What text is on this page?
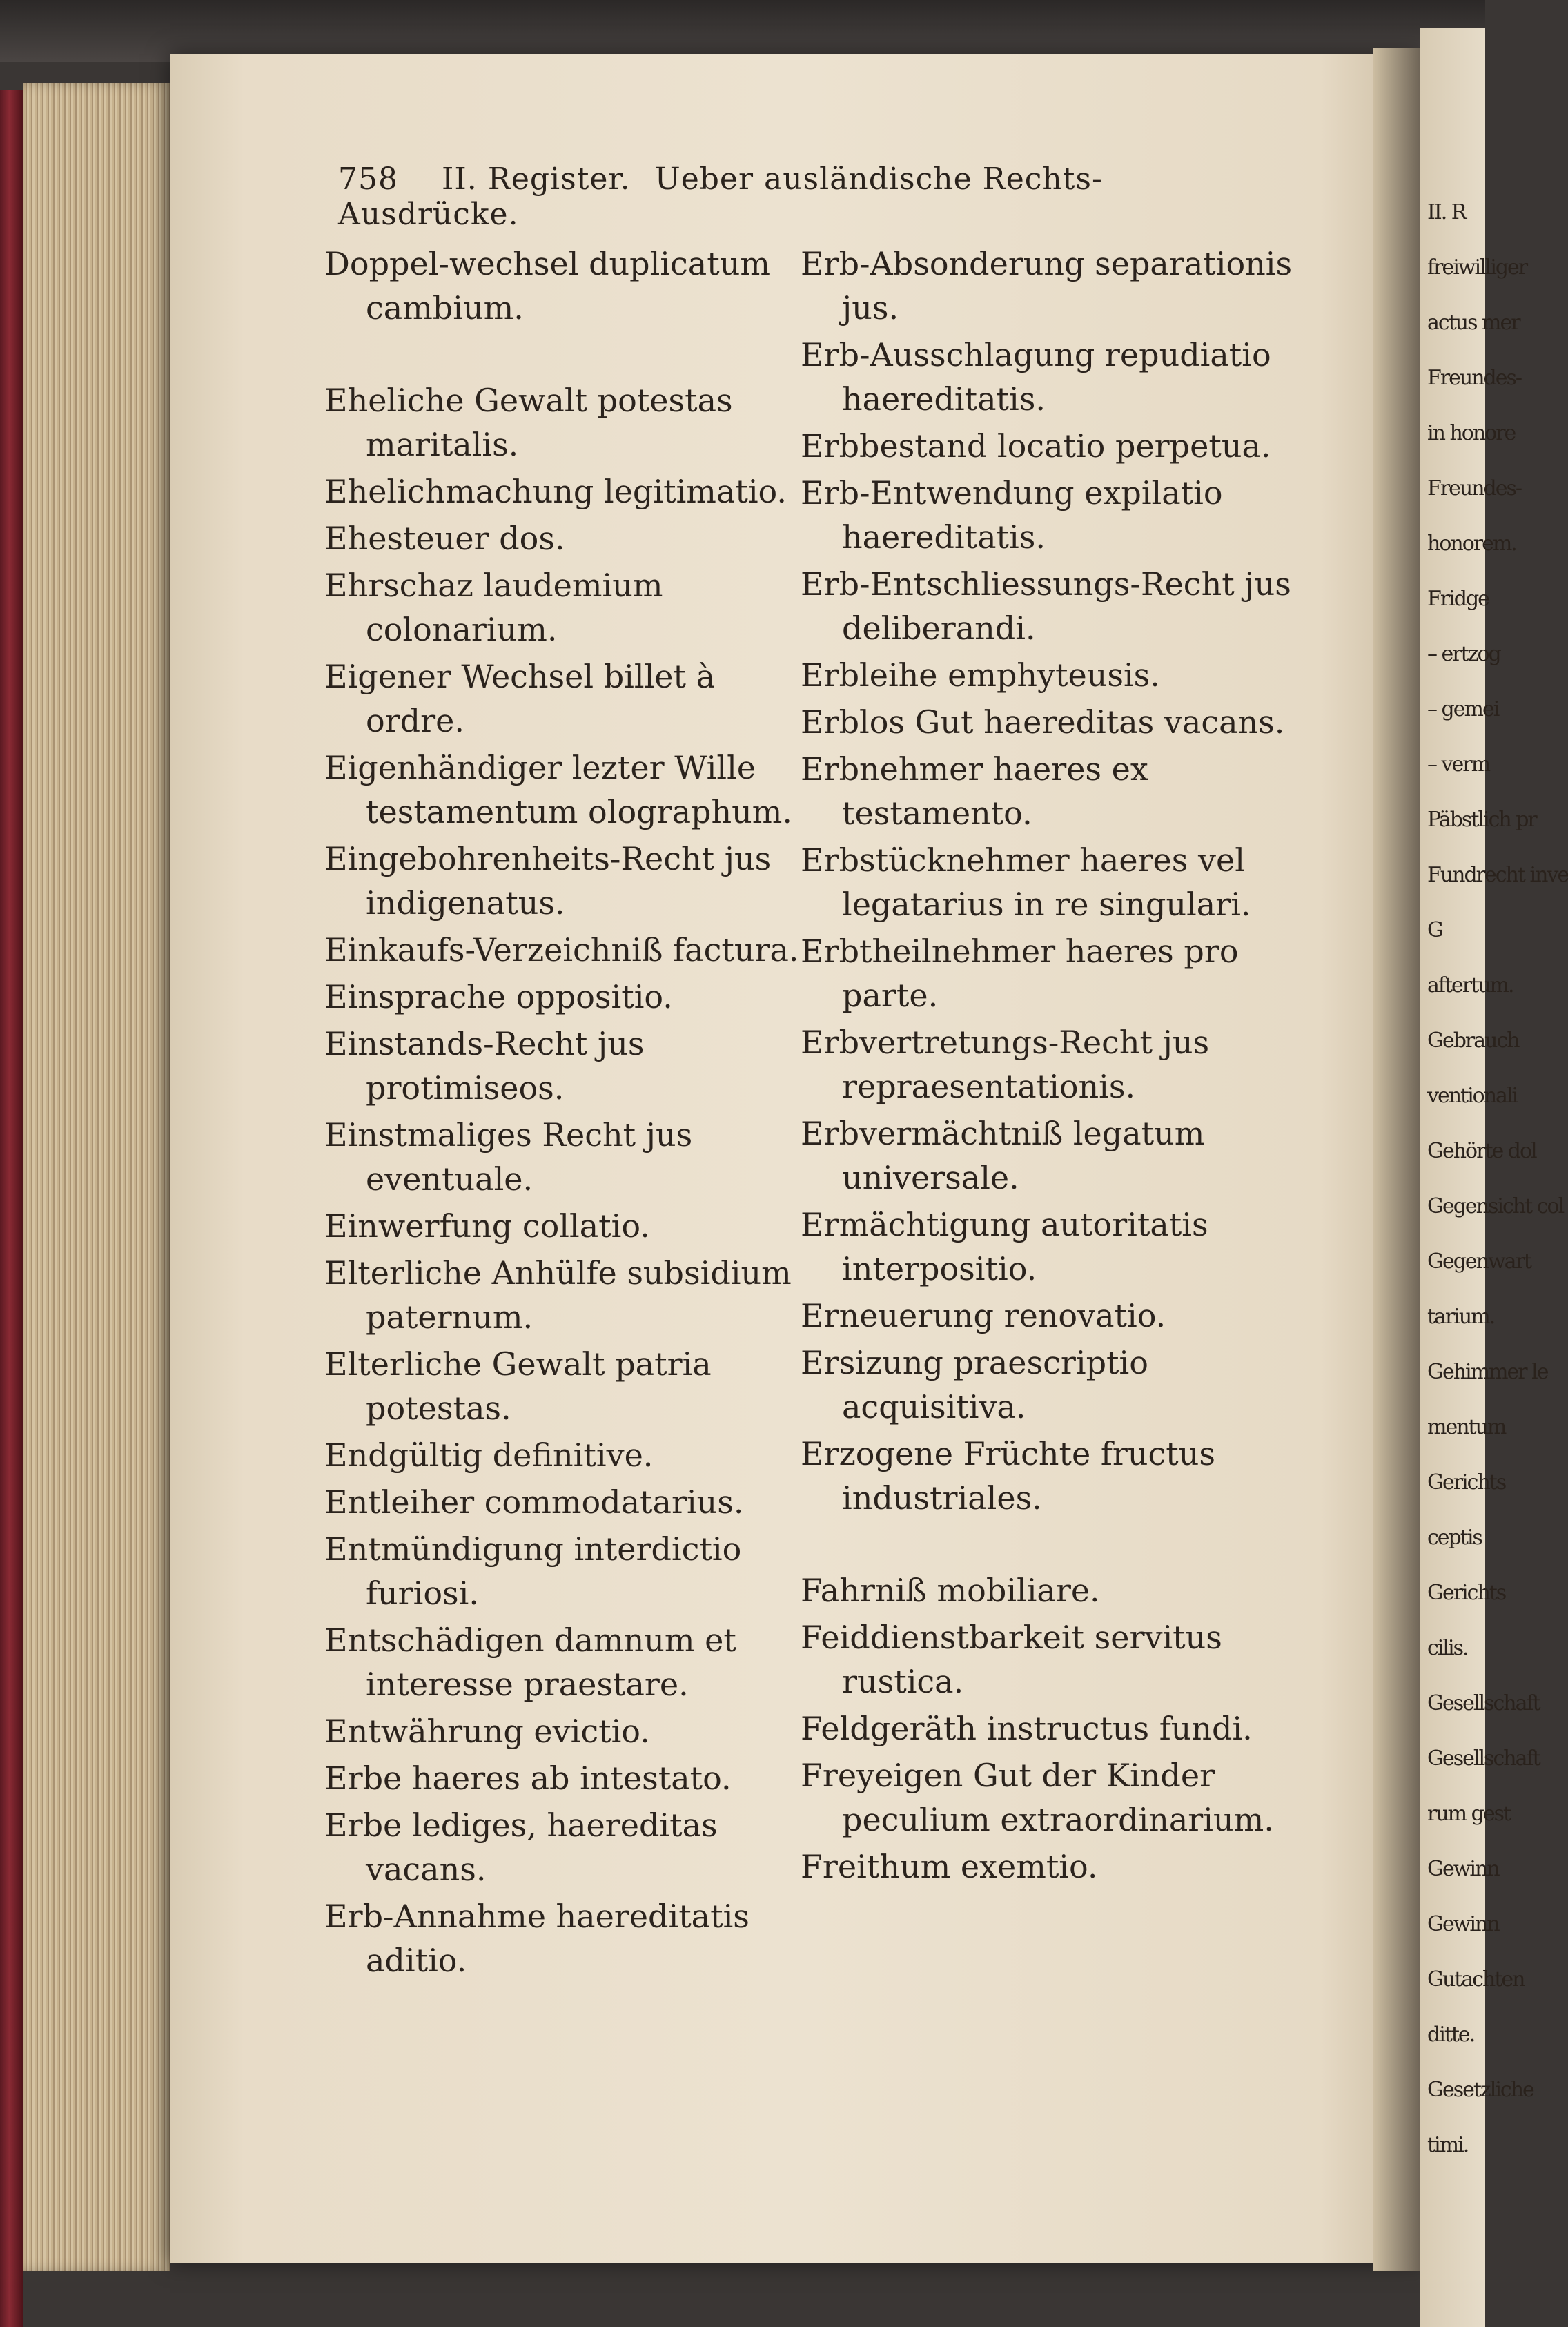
II. R
freiwilliger
actus mer
Freundes-
in honore
Freundes-
honorem.
Fridge
– ertzog
– gemei
– verm
Päbstlich pr
Fundrecht inve
G
aftertum.
Gebrauch
ventionali
Gehörte dol
Gegensicht col
Gegenwart
tarium.
Gehimmer le
mentum
Gerichts
ceptis
Gerichts
cilis.
Gesellschaft
Gesellschaft
rum gest
Gewinn
Gewinn
Gutachten
ditte.
Gesetzliche
timi.
758 II. Register. Ueber ausländische Rechts-Ausdrücke.
Doppel-wechsel duplicatum cambium.
Eheliche Gewalt potestas maritalis.
Ehelichmachung legitimatio.
Ehesteuer dos.
Ehrschaz laudemium colonarium.
Eigener Wechsel billet à ordre.
Eigenhändiger lezter Wille testamentum olographum.
Eingebohrenheits-Recht jus indigenatus.
Einkaufs-Verzeichniß factura.
Einsprache oppositio.
Einstands-Recht jus protimiseos.
Einstmaliges Recht jus eventuale.
Einwerfung collatio.
Elterliche Anhülfe subsidium paternum.
Elterliche Gewalt patria potestas.
Endgültig definitive.
Entleiher commodatarius.
Entmündigung interdictio furiosi.
Entschädigen damnum et interesse praestare.
Entwährung evictio.
Erbe haeres ab intestato.
Erbe lediges, haereditas vacans.
Erb-Annahme haereditatis aditio.
Erb-Absonderung separationis jus.
Erb-Ausschlagung repudiatio haereditatis.
Erbbestand locatio perpetua.
Erb-Entwendung expilatio haereditatis.
Erb-Entschliessungs-Recht jus deliberandi.
Erbleihe emphyteusis.
Erblos Gut haereditas vacans.
Erbnehmer haeres ex testamento.
Erbstücknehmer haeres vel legatarius in re singulari.
Erbtheilnehmer haeres pro parte.
Erbvertretungs-Recht jus repraesentationis.
Erbvermächtniß legatum universale.
Ermächtigung autoritatis interpositio.
Erneuerung renovatio.
Ersizung praescriptio acquisitiva.
Erzogene Früchte fructus industriales.
Fahrniß mobiliare.
Feiddienstbarkeit servitus rustica.
Feldgeräth instructus fundi.
Freyeigen Gut der Kinder peculium extraordinarium.
Freithum exemtio.
